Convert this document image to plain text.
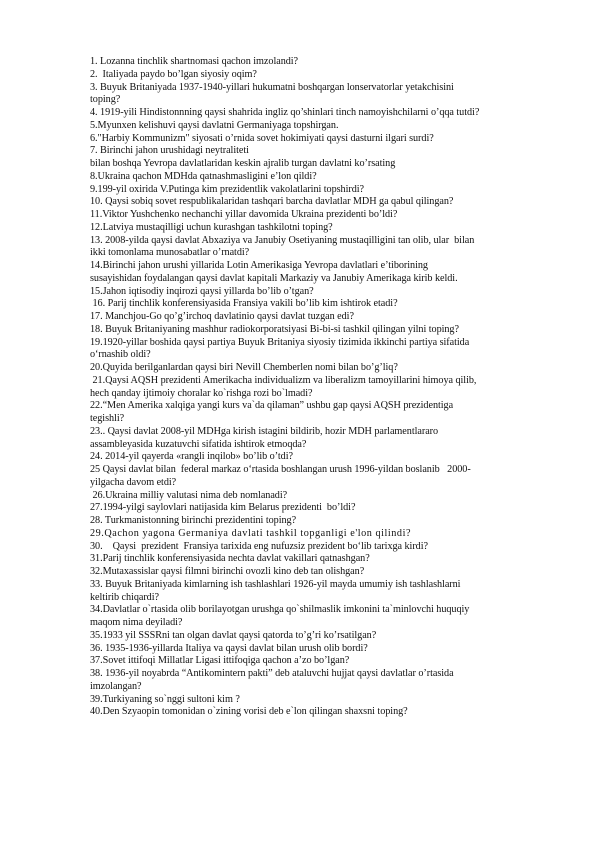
1. Lozanna tinchlik shartnomasi qachon imzolandi?
2.  Italiyada paydo bo’lgan siyosiy oqim?
3. Buyuk Britaniyada 1937-1940-yillari hukumatni boshqargan lonservatorlar yetakchisini
toping?
4. 1919-yili Hindistonnning qaysi shahrida ingliz qo’shinlari tinch namoyishchilarni o’qqa tutdi?
5.Myunxen kelishuvi qaysi davlatni Germaniyaga topshirgan.
6."Harbiy Kommunizm" siyosati o’rnida sovet hokimiyati qaysi dasturni ilgari surdi?
7. Birinchi jahon urushidagi neytraliteti
bilan boshqa Yevropa davlatlaridan keskin ajralib turgan davlatni ko’rsating
8.Ukraina qachon MDHda qatnashmasligini e’lon qildi?
9.199-yil oxirida V.Putinga kim prezidentlik vakolatlarini topshirdi?
10. Qaysi sobiq sovet respublikalaridan tashqari barcha davlatlar MDH ga qabul qilingan?
11.Viktor Yushchenko nechanchi yillar davomida Ukraina prezidenti bo’ldi?
12.Latviya mustaqilligi uchun kurashgan tashkilotni toping?
13. 2008-yilda qaysi davlat Abxaziya va Janubiy Osetiyaning mustaqilligini tan olib, ular  bilan
ikki tomonlama munosabatlar o’rnatdi?
14.Birinchi jahon urushi yillarida Lotin Amerikasiga Yevropa davlatlari e’tiborining
susayishidan foydalangan qaysi davlat kapitali Markaziy va Janubiy Amerikaga kirib keldi.
15.Jahon iqtisodiy inqirozi qaysi yillarda bo’lib o’tgan?
16. Parij tinchlik konferensiyasida Fransiya vakili bo’lib kim ishtirok etadi?
17. Manchjou-Go qo’g’irchoq davlatinio qaysi davlat tuzgan edi?
18. Buyuk Britaniyaning mashhur radiokorporatsiyasi Bi-bi-si tashkil qilingan yilni toping?
19.1920-yillar boshida qaysi partiya Buyuk Britaniya siyosiy tizimida ikkinchi partiya sifatida
o‘rnashib oldi?
20.Quyida berilganlardan qaysi biri Nevill Chemberlen nomi bilan bo’g’liq?
21.Qaysi AQSH prezidenti Amerikacha individualizm va liberalizm tamoyillarini himoya qilib,
hech qanday ijtimoiy choralar ko`rishga rozi bo`lmadi?
22.“Men Amerika xalqiga yangi kurs va`da qilaman” ushbu gap qaysi AQSH prezidentiga
tegishli?
23.. Qaysi davlat 2008-yil MDHga kirish istagini bildirib, hozir MDH parlamentlararo
assambleyasida kuzatuvchi sifatida ishtirok etmoqda?
24. 2014-yil qayerda «rangli inqilob» bo’lib o’tdi?
25 Qaysi davlat bilan  federal markaz o‘rtasida boshlangan urush 1996-yildan boslanib   2000-
yilgacha davom etdi?
26.Ukraina milliy valutasi nima deb nomlanadi?
27.1994-yilgi saylovlari natijasida kim Belarus prezidenti  bo’ldi?
28. Turkmanistonning birinchi prezidentini toping?
29.Qachon yagona Germaniya davlati tashkil topganligi e'lon qilindi?
30.    Qaysi  prezident  Fransiya tarixida eng nufuzsiz prezident bo‘lib tarixga kirdi?
31.Parij tinchlik konferensiyasida nechta davlat vakillari qatnashgan?
32.Mutaxassislar qaysi filmni birinchi ovozli kino deb tan olishgan?
33. Buyuk Britaniyada kimlarning ish tashlashlari 1926-yil mayda umumiy ish tashlashlarni
keltirib chiqardi?
34.Davlatlar o`rtasida olib borilayotgan urushga qo`shilmaslik imkonini ta`minlovchi huquqiy
maqom nima deyiladi?
35.1933 yil SSSRni tan olgan davlat qaysi qatorda to’g’ri ko’rsatilgan?
36. 1935-1936-yillarda Italiya va qaysi davlat bilan urush olib bordi?
37.Sovet ittifoqi Millatlar Ligasi ittifoqiga qachon a’zo bo’lgan?
38. 1936-yil noyabrda “Antikomintern pakti” deb ataluvchi hujjat qaysi davlatlar o’rtasida
imzolangan?
39.Turkiyaning so`nggi sultoni kim ?
40.Den Szyaopin tomonidan o`zining vorisi deb e`lon qilingan shaxsni toping?
